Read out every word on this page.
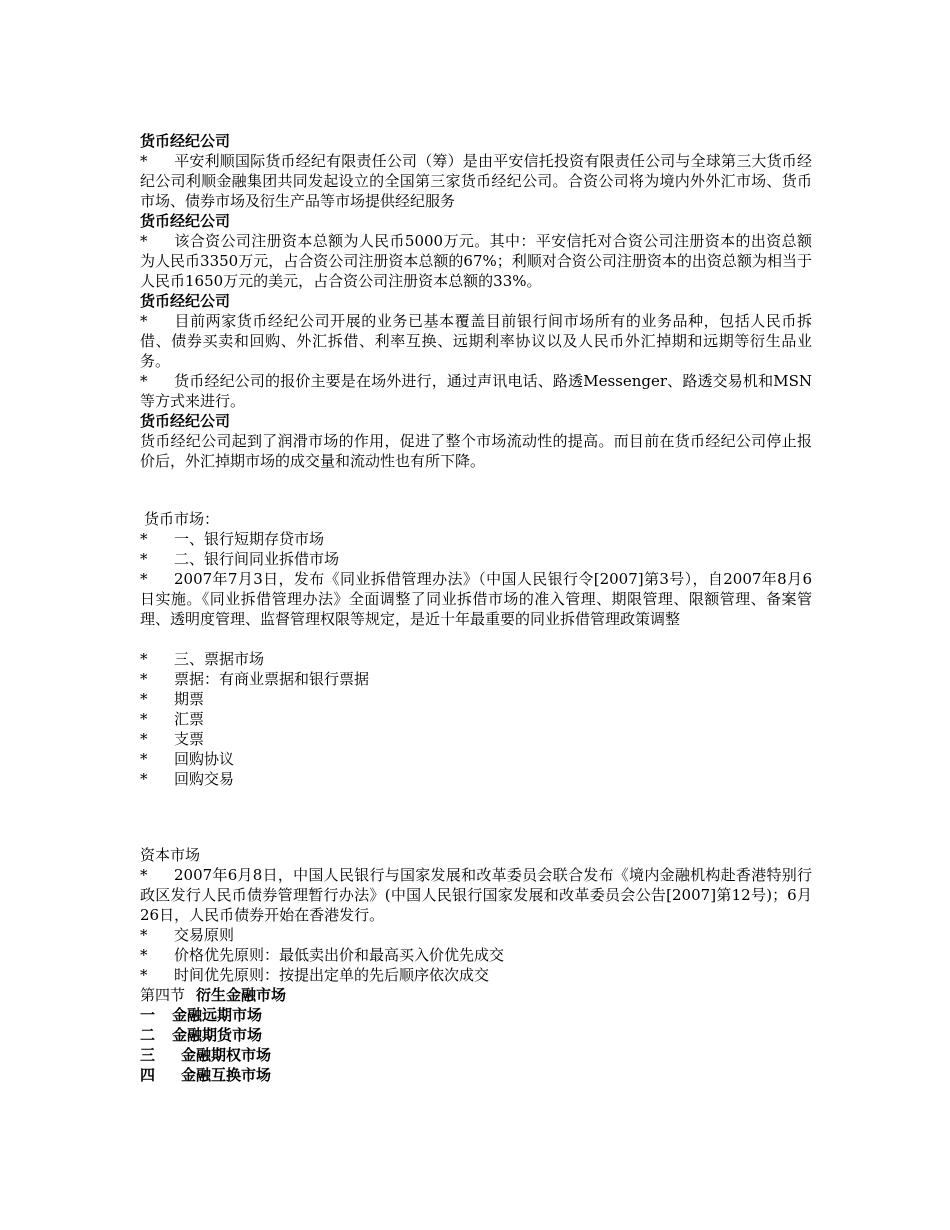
货币经纪公司

* 平安利顺国际货币经纪有限责任公司（筹）是由平安信托投资有限责任公司与全球第三大货币经纪公司利顺金融集团共同发起设立的全国第三家货币经纪公司。合资公司将为境内外外汇市场、货币市场、债券市场及衍生产品等市场提供经纪服务

货币经纪公司

* 该合资公司注册资本总额为人民币5000万元。其中：平安信托对合资公司注册资本的出资总额为人民币3350万元，占合资公司注册资本总额的67%；利顺对合资公司注册资本的出资总额为相当于人民币1650万元的美元，占合资公司注册资本总额的33%。

货币经纪公司

* 目前两家货币经纪公司开展的业务已基本覆盖目前银行间市场所有的业务品种，包括人民币拆借、债券买卖和回购、外汇拆借、利率互换、远期利率协议以及人民币外汇掉期和远期等衍生品业务。

* 货币经纪公司的报价主要是在场外进行，通过声讯电话、路透Messenger、路透交易机和MSN等方式来进行。

货币经纪公司

货币经纪公司起到了润滑市场的作用，促进了整个市场流动性的提高。而目前在货币经纪公司停止报价后，外汇掉期市场的成交量和流动性也有所下降。

货币市场：

* 一、银行短期存贷市场

* 二、银行间同业拆借市场

* 2007年7月3日，发布《同业拆借管理办法》（中国人民银行令[2007]第3号），自2007年8月6日实施。《同业拆借管理办法》全面调整了同业拆借市场的准入管理、期限管理、限额管理、备案管理、透明度管理、监督管理权限等规定，是近十年最重要的同业拆借管理政策调整

* 三、票据市场

* 票据：有商业票据和银行票据

* 期票

* 汇票

* 支票

* 回购协议

* 回购交易

资本市场

* 2007年6月8日，中国人民银行与国家发展和改革委员会联合发布《境内金融机构赴香港特别行政区发行人民币债券管理暂行办法》(中国人民银行国家发展和改革委员会公告[2007]第12号)；6月26日，人民币债券开始在香港发行。

* 交易原则

* 价格优先原则：最低卖出价和最高买入价优先成交

* 时间优先原则：按提出定单的先后顺序依次成交

第四节 衍生金融市场

一 金融远期市场

二 金融期货市场

三 金融期权市场

四 金融互换市场
